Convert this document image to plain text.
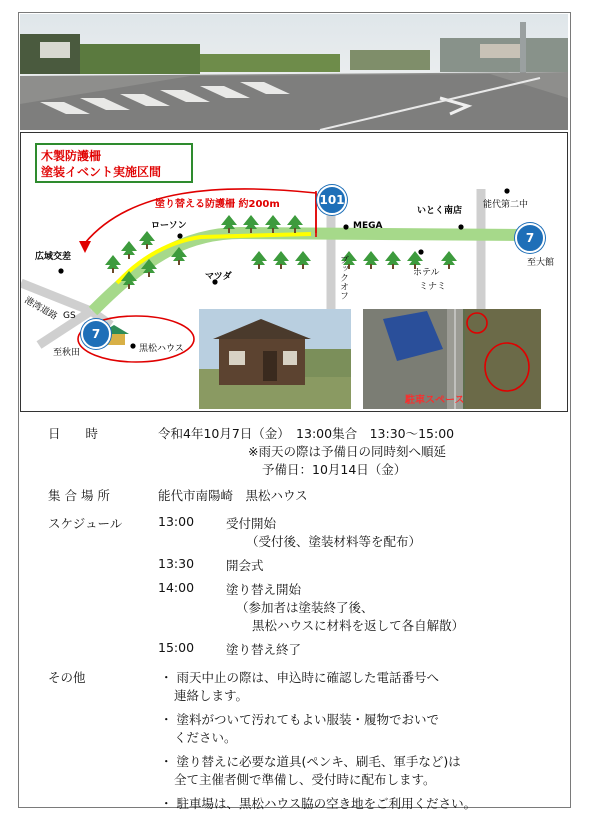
木製防護柵
塗装イベント実施区間
塗り替える防護柵 約200m	101
7
7
ローソン
広域交差
マツダ
MEGA
いとく南店
能代第二中
至大館
至秋田
港湾道路 GS
ブックオフ	ホテル
ミナミ
黒松ハウス
駐車スペース
日　　時	令和4年10月7日（金）　13:00集合　13:30～15:00
※雨天の際は予備日の同時刻へ順延
予備日：10月14日（金）
集 合 場 所	能代市南陽崎　黒松ハウス
スケジュール	13:00	受付開始
（受付後、塗装材料等を配布）
13:30	開会式
14:00	塗り替え開始
（参加者は塗装終了後、
黒松ハウスに材料を返して各自解散）
15:00	塗り替え終了
その他	・ 雨天中止の際は、申込時に確認した電話番号へ
連絡します。
・ 塗料がついて汚れてもよい服装・履物でおいで
ください。
・ 塗り替えに必要な道具(ペンキ、刷毛、軍手など)は
全て主催者側で準備し、受付時に配布します。
・ 駐車場は、黒松ハウス脇の空き地をご利用ください。
